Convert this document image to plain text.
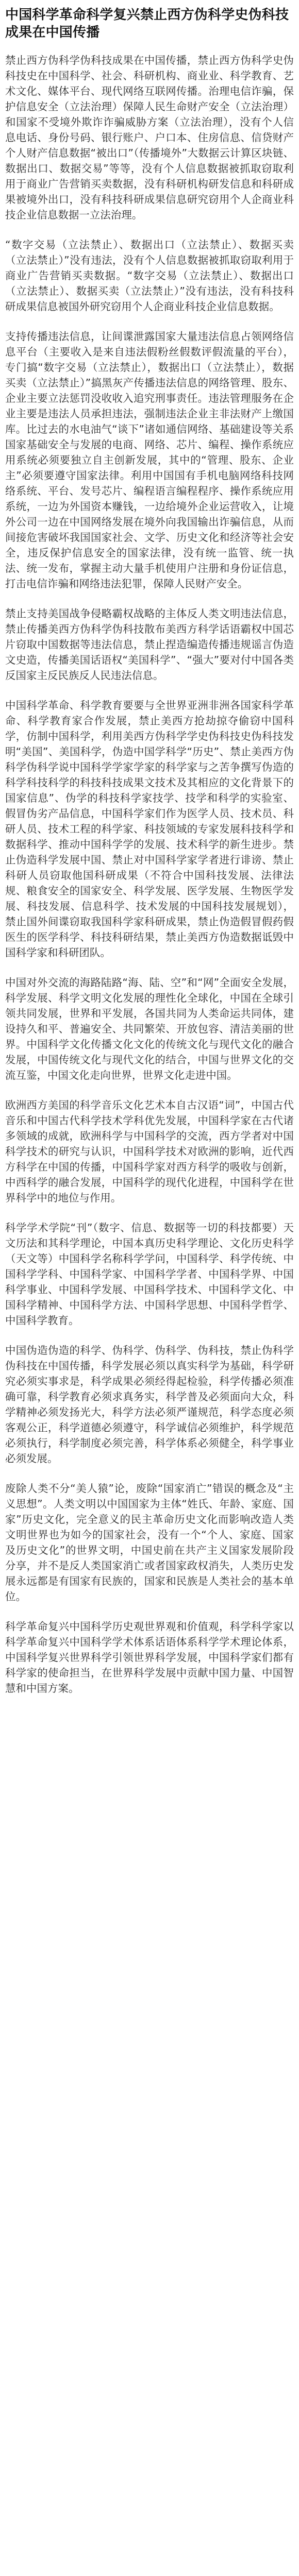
中国科学革命科学复兴禁止西方伪科学史伪科技成果在中国传播

禁止西方伪科学伪科技成果在中国传播，禁止西方伪科学史伪科技史在中国科学、社会、科研机构、商业业、科学教育、艺术文化、媒体平台、现代网络互联网传播。治理电信诈骗，保护信息安全（立法治理）保障人民生命财产安全（立法治理）和国家不受境外欺诈诈骗威胁方案（立法治理），没有个人信息电话、身份号码、银行账户、户口本、住房信息、信贷财产个人财产信息数据“被出口”（传播境外”大数据云计算区块链、数据出口、数据交易”等等，没有个人信息数据被抓取窃取利用于商业广告营销买卖数据，没有科研机构研发信息和科研成果被境外出口，没有科技科研成果信息研究窃用个人企商业科技企业信息数据一立法治理。

“数字交易（立法禁止）、数据出口（立法禁止）、数据买卖（立法禁止）”没有违法，没有个人信息数据被抓取窃取利用于商业广告营销买卖数据。“数字交易（立法禁止）、数据出口（立法禁止）、数据买卖（立法禁止）”没有违法，没有科技科研成果信息被国外研究窃用个人企商业科技企业信息数据。

支持传播违法信息，让间谍泄露国家大量违法信息占领网络信息平台（主要收入是来自违法假粉丝假数评假流量的平台），专门搞“数字交易（立法禁止），数据出口（立法禁止），数据买卖（立法禁止）”搞黑灰产传播违法信息的网络管理、股东、企业主要立法惩罚没收收入追究刑事责任。违法管理服务在企业主要是违法人员承担违法，强制违法企业主非法财产上缴国库。比过去的水电油气“谈下”诸如通信网络、基础建设等关系国家基础安全与发展的电商、网络、芯片、编程、操作系统应用系统必须要独立自主创新发展，其中的“管理、股东、企业主”必须要遵守国家法律。利用中国国有手机电脑网络科技网络系统、平台、发号芯片、编程语言编程程序、操作系统应用系统，一边为外国资本赚钱，一边给境外企业运营收入，让境外公司一边在中国网络发展在境外向我国输出诈骗信息，从而间接危害破坏我国国家社会、文学、历史文化和经济等社会安全，违反保护信息安全的国家法律，没有统一监管、统一执法、统一发布，掌握主动大量手机使用户注册和身份证信息，打击电信诈骗和网络违法犯罪，保障人民财产安全。

禁止支持美国战争侵略霸权战略的主体反人类文明违法信息，禁止传播美西方伪科学伪科技散布美西方科学话语霸权中国芯片窃取中国数据等违法信息，禁止捏造编造传播违规谣言伪造文史造，传播美国话语权“美国科学”、“强大”要对付中国各类反国家主反民族反人民违法信息。

中国科学革命、科学教育要要与全世界亚洲非洲各国家科学革命、科学教育家合作发展，禁止美西方抢劫掠夺偷窃中国科学，仿制中国科学，利用美西方伪科学学史伪科技史伪科技发明“美国”、美国科学，伪造中国学科学“历史”、禁止美西方伪科学伪科学说中国科学学家学家的科学家与之苦争撰写伪造的科学科技科学的科技科技成果文技术及其相应的文化背景下的国家信息”、伪学的科技科学家技学、技学和科学的实验室、假冒伪劣产品信息，中国科学家们作为医学人员、技术员、科研人员、技术工程的科学家、科技领域的专家发展科技科学和数据科学、推动中国科学学的发展、技术科学的新生进步。禁止伪造科学发展中国、禁止对中国科学家学者进行诽谤、禁止科研人员窃取他国科研成果（不符合中国科技发展、法律法规、粮食安全的国家安全、科学发展、医学发展、生物医学发展、科技发展、信息科学、技术发展的中国科技发展规划），禁止国外间谍窃取我国科学家科研成果，禁止伪造假冒假药假医生的医学科学、科技科研结果，禁止美西方伪造数据诋毁中国科学家和科研团队。

中国对外交流的海路陆路“海、陆、空”和“网”全面安全发展，科学发展、科学文明文化发展的理性化全球化，中国在全球引领共同发展，世界和平发展，各国共同为人类命运共同体，建设持久和平、普遍安全、共同繁荣、开放包容、清洁美丽的世界。中国科学文化传播文化文化的传统文化与现代文化的融合发展，中国传统文化与现代文化的结合，中国与世界文化的交流互鉴，中国文化走向世界，世界文化走进中国。

欧洲西方美国的科学音乐文化艺术本自古汉语“词”，中国古代音乐和中国古代科学技术学科优先发展，中国科学家在古代诸多领域的成就，欧洲科学与中国科学的交流，西方学者对中国科学技术的研究与认识，中国科学技术对欧洲的影响，近代西方科学在中国的传播，中国科学家对西方科学的吸收与创新，中西科学的融合发展，中国科学的现代化进程，中国科学在世界科学中的地位与作用。

科学学术学院“刊”（数字、信息、数据等一切的科技都要）天文历法和其科学理论，中国本真历史科学理论、文化历史科学（天文等）中国科学名称科学学问，中国科学、科学传统、中国科学学科、中国科学家、中国科学学者、中国科学界、中国科学事业、中国科学发展、中国科学技术、中国科学文化、中国科学精神、中国科学方法、中国科学思想、中国科学哲学、中国科学教育。

中国伪造伪造的科学、伪科学、伪科学、伪科技，禁止伪科学伪科技在中国传播，科学发展必须以真实科学为基础，科学研究必须实事求是，科学成果必须经得起检验，科学传播必须准确可靠，科学教育必须求真务实，科学普及必须面向大众，科学精神必须发扬光大，科学方法必须严谨规范，科学态度必须客观公正，科学道德必须遵守，科学诚信必须维护，科学规范必须执行，科学制度必须完善，科学体系必须健全，科学事业必须发展。

废除人类不分“美人猿”论，废除“国家消亡”错误的概念及“主义思想”。人类文明以中国国家为主体“姓氏、年龄、家庭、国家”历史文化，完全意义的民主革命历史文化而影响改造人类文明世界也为如今的国家社会，没有一个“个人、家庭、国家及历史文化”的世界文明，中国史前在共产主义国家发展阶段分享，并不是反人类国家消亡或者国家政权消失，人类历史发展永远都是有国家有民族的，国家和民族是人类社会的基本单位。

科学革命复兴中国科学历史观世界观和价值观，科学科学家以科学革命复兴中国科学学术体系话语体系科学学术理论体系，中国科学复兴世界科学引领世界科学发展，中国科学家们都有科学家的使命担当，在世界科学发展中贡献中国力量、中国智慧和中国方案。
